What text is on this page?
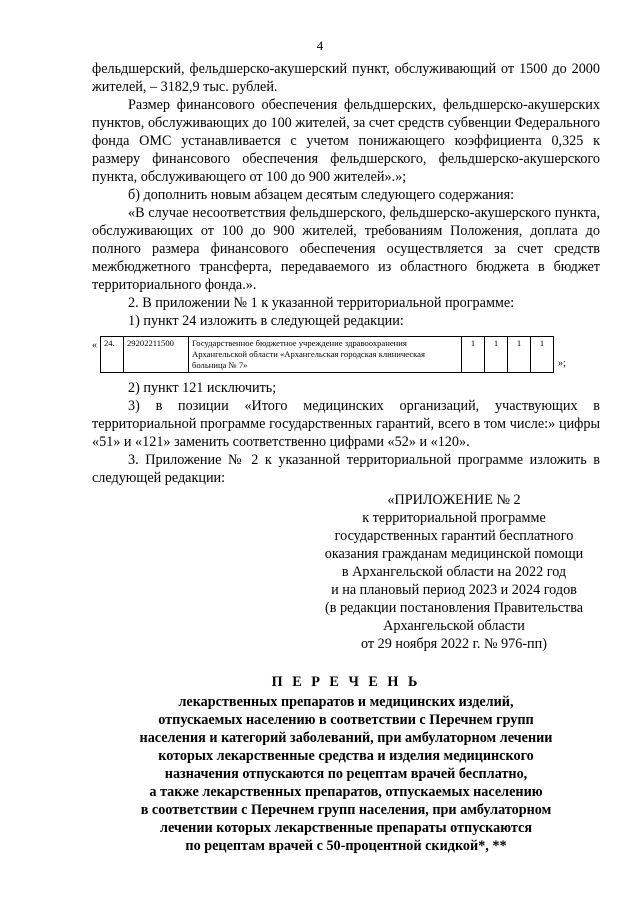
4

фельдшерский, фельдшерско-акушерский пункт, обслуживающий от 1500 до 2000 жителей, – 3182,9 тыс. рублей.

Размер финансового обеспечения фельдшерских, фельдшерско-акушерских пунктов, обслуживающих до 100 жителей, за счет средств субвенции Федерального фонда ОМС устанавливается с учетом понижающего коэффициента 0,325 к размеру финансового обеспечения фельдшерского, фельдшерско-акушерского пункта, обслуживающего от 100 до 900 жителей».»;

б) дополнить новым абзацем десятым следующего содержания:

«В случае несоответствия фельдшерского, фельдшерско-акушерского пункта, обслуживающих от 100 до 900 жителей, требованиям Положения, доплата до полного размера финансового обеспечения осуществляется за счет средств межбюджетного трансферта, передаваемого из областного бюджета в бюджет территориального фонда.».

2. В приложении № 1 к указанной территориальной программе:

1) пункт 24 изложить в следующей редакции:

« 24.	29202211500	Государственное бюджетное учреждение здравоохранения Архангельской области «Архангельская городская клиническая больница № 7»	1	1	1	1
»;

2) пункт 121 исключить;

3) в позиции «Итого медицинских организаций, участвующих в территориальной программе государственных гарантий, всего в том числе:» цифры «51» и «121» заменить соответственно цифрами «52» и «120».

3. Приложение № 2 к указанной территориальной программе изложить в следующей редакции:

«ПРИЛОЖЕНИЕ № 2
к территориальной программе
государственных гарантий бесплатного
оказания гражданам медицинской помощи
в Архангельской области на 2022 год
и на плановый период 2023 и 2024 годов
(в редакции постановления Правительства
Архангельской области
от 29 ноября 2022 г. № 976-пп)
П Е Р Е Ч Е Н Ь
лекарственных препаратов и медицинских изделий,
отпускаемых населению в соответствии с Перечнем групп
населения и категорий заболеваний, при амбулаторном лечении
которых лекарственные средства и изделия медицинского
назначения отпускаются по рецептам врачей бесплатно,
а также лекарственных препаратов, отпускаемых населению
в соответствии с Перечнем групп населения, при амбулаторном
лечении которых лекарственные препараты отпускаются
по рецептам врачей с 50-процентной скидкой*, **
